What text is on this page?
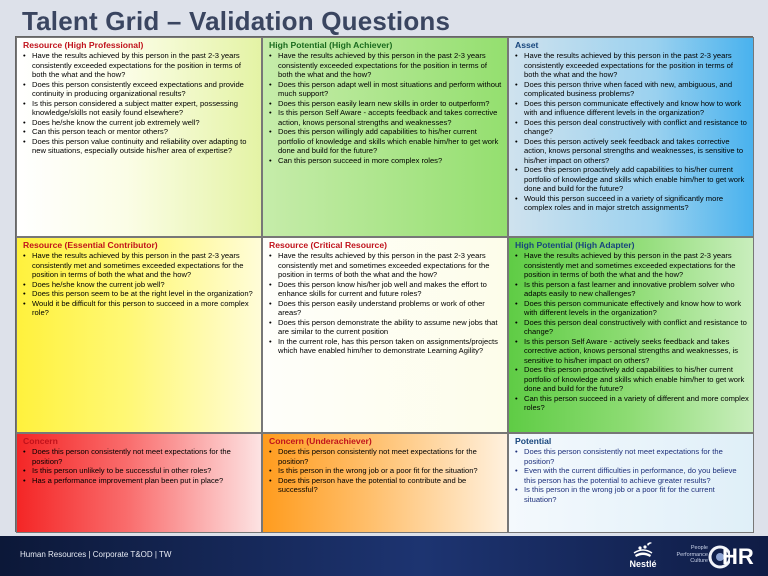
Talent Grid – Validation Questions
Resource (High Professional)
• Have the results achieved by this person in the past 2-3 years consistently exceeded expectations for the position in terms of both the what and the how?
• Does this person consistently exceed expectations and provide continuity in producing organizational results?
• Is this person considered a subject matter expert, possessing knowledge/skills not easily found elsewhere?
• Does he/she know the current job extremely well?
• Can this person teach or mentor others?
• Does this person value continuity and reliability over adapting to new situations, especially outside his/her area of expertise?
High Potential (High Achiever)
• Have the results achieved by this person in the past 2-3 years consistently exceeded expectations for the position in terms of both the what and the how?
• Does this person adapt well in most situations and perform without much support?
• Does this person easily learn new skills in order to outperform?
• Is this person Self Aware - accepts feedback and takes corrective action, knows personal strengths and weaknesses?
• Does this person willingly add capabilities to his/her current portfolio of knowledge and skills which enable him/her to get work done and build for the future?
• Can this person succeed in more complex roles?
Asset
• Have the results achieved by this person in the past 2-3 years consistently exceeded expectations for the position in terms of both the what and the how?
• Does this person thrive when faced with new, ambiguous, and complicated business problems?
• Does this person communicate effectively and know how to work with and influence different levels in the organization?
• Does this person deal constructively with conflict and resistance to change?
• Does this person actively seek feedback and takes corrective action, knows personal strengths and weaknesses, is sensitive to his/her impact on others?
• Does this person proactively add capabilities to his/her current portfolio of knowledge and skills which enable him/her to get work done and build for the future?
• Would this person succeed in a variety of significantly more complex roles and in major stretch assignments?
Resource (Essential Contributor)
• Have the results achieved by this person in the past 2-3 years consistently met and sometimes exceeded expectations for the position in terms of both the what and the how?
• Does he/she know the current job well?
• Does this person seem to be at the right level in the organization?
• Would it be difficult for this person to succeed in a more complex role?
Resource (Critical Resource)
• Have the results achieved by this person in the past 2-3 years consistently met and sometimes exceeded expectations for the position in terms of both the what and the how?
• Does this person know his/her job well and makes the effort to enhance skills for current and future roles?
• Does this person easily understand problems or work of other areas?
• Does this person demonstrate the ability to assume new jobs that are similar to the current position
• In the current role, has this person taken on assignments/projects which have enabled him/her to demonstrate Learning Agility?
High Potential (High Adapter)
• Have the results achieved by this person in the past 2-3 years consistently met and sometimes exceeded expectations for the position in terms of both the what and the how?
• Is this person a fast learner and innovative problem solver who adapts easily to new challenges?
• Does this person communicate effectively and know how to work with different levels in the organization?
• Does this person deal constructively with conflict and resistance to change?
• Is this person Self Aware - actively seeks feedback and takes corrective action, knows personal strengths and weaknesses, is sensitive to his/her impact on others?
• Does this person proactively add capabilities to his/her current portfolio of knowledge and skills which enable him/her to get work done and build for the future?
• Can this person succeed in a variety of different and more complex roles?
Concern
• Does this person consistently not meet expectations for the position?
• Is this person unlikely to be successful in other roles?
• Has a performance improvement plan been put in place?
Concern (Underachiever)
• Does this person consistently not meet expectations for the position?
• Is this person in the wrong job or a poor fit for the situation?
• Does this person have the potential to contribute and be successful?
Potential
• Does this person consistently not meet expectations for the position?
• Even with the current difficulties in performance, do you believe this person has the potential to achieve greater results?
• Is this person in the wrong job or a poor fit for the current situation?
Human Resources | Corporate T&OD | TW
Nestlé
People
Performance
Culture HR
